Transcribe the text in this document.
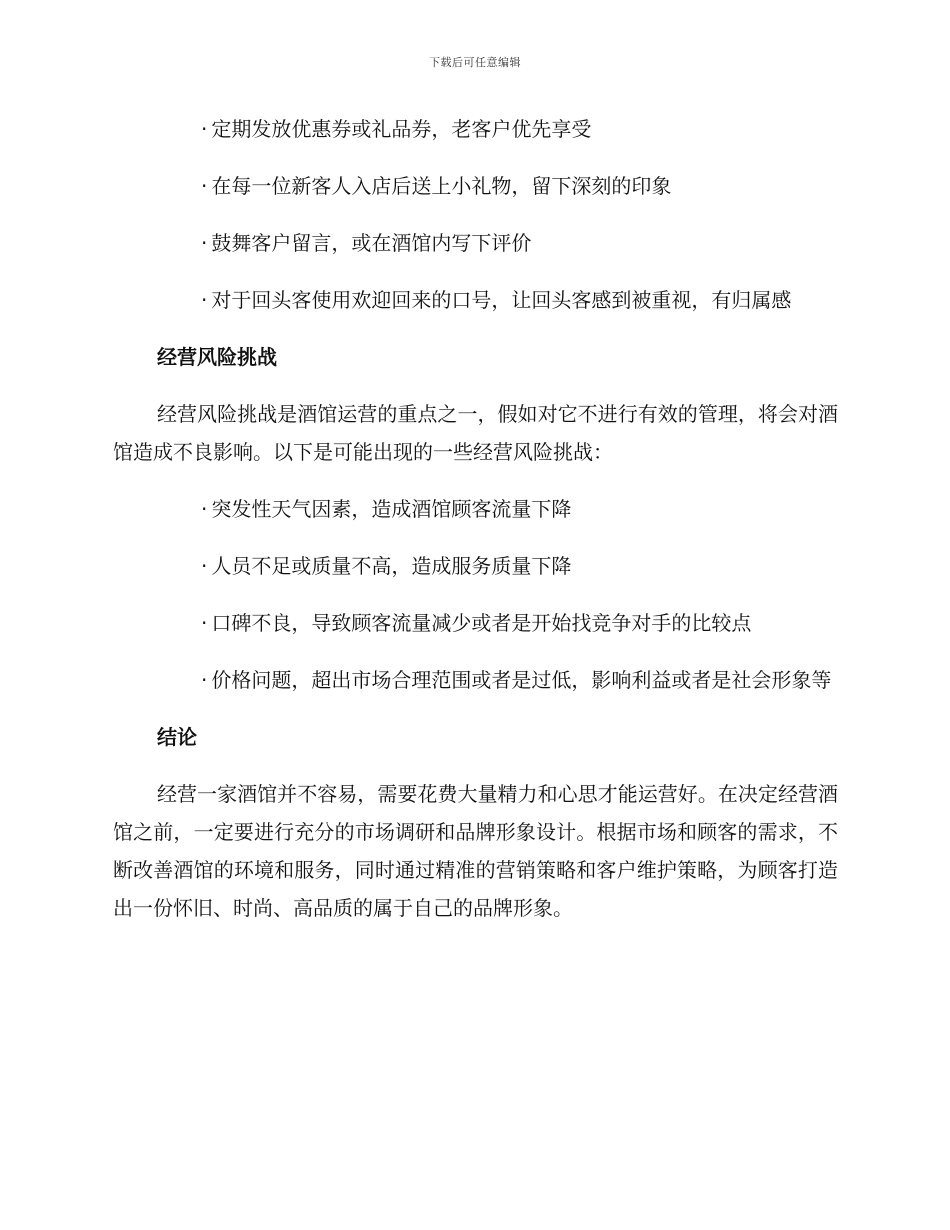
下载后可任意编辑

· 定期发放优惠券或礼品券，老客户优先享受

· 在每一位新客人入店后送上小礼物，留下深刻的印象

· 鼓舞客户留言，或在酒馆内写下评价

· 对于回头客使用欢迎回来的口号，让回头客感到被重视，有归属感

经营风险挑战

经营风险挑战是酒馆运营的重点之一，假如对它不进行有效的管理，将会对酒馆造成不良影响。以下是可能出现的一些经营风险挑战：

· 突发性天气因素，造成酒馆顾客流量下降

· 人员不足或质量不高，造成服务质量下降

· 口碑不良，导致顾客流量减少或者是开始找竞争对手的比较点

· 价格问题，超出市场合理范围或者是过低，影响利益或者是社会形象等

结论

经营一家酒馆并不容易，需要花费大量精力和心思才能运营好。在决定经营酒馆之前，一定要进行充分的市场调研和品牌形象设计。根据市场和顾客的需求，不断改善酒馆的环境和服务，同时通过精准的营销策略和客户维护策略，为顾客打造出一份怀旧、时尚、高品质的属于自己的品牌形象。
